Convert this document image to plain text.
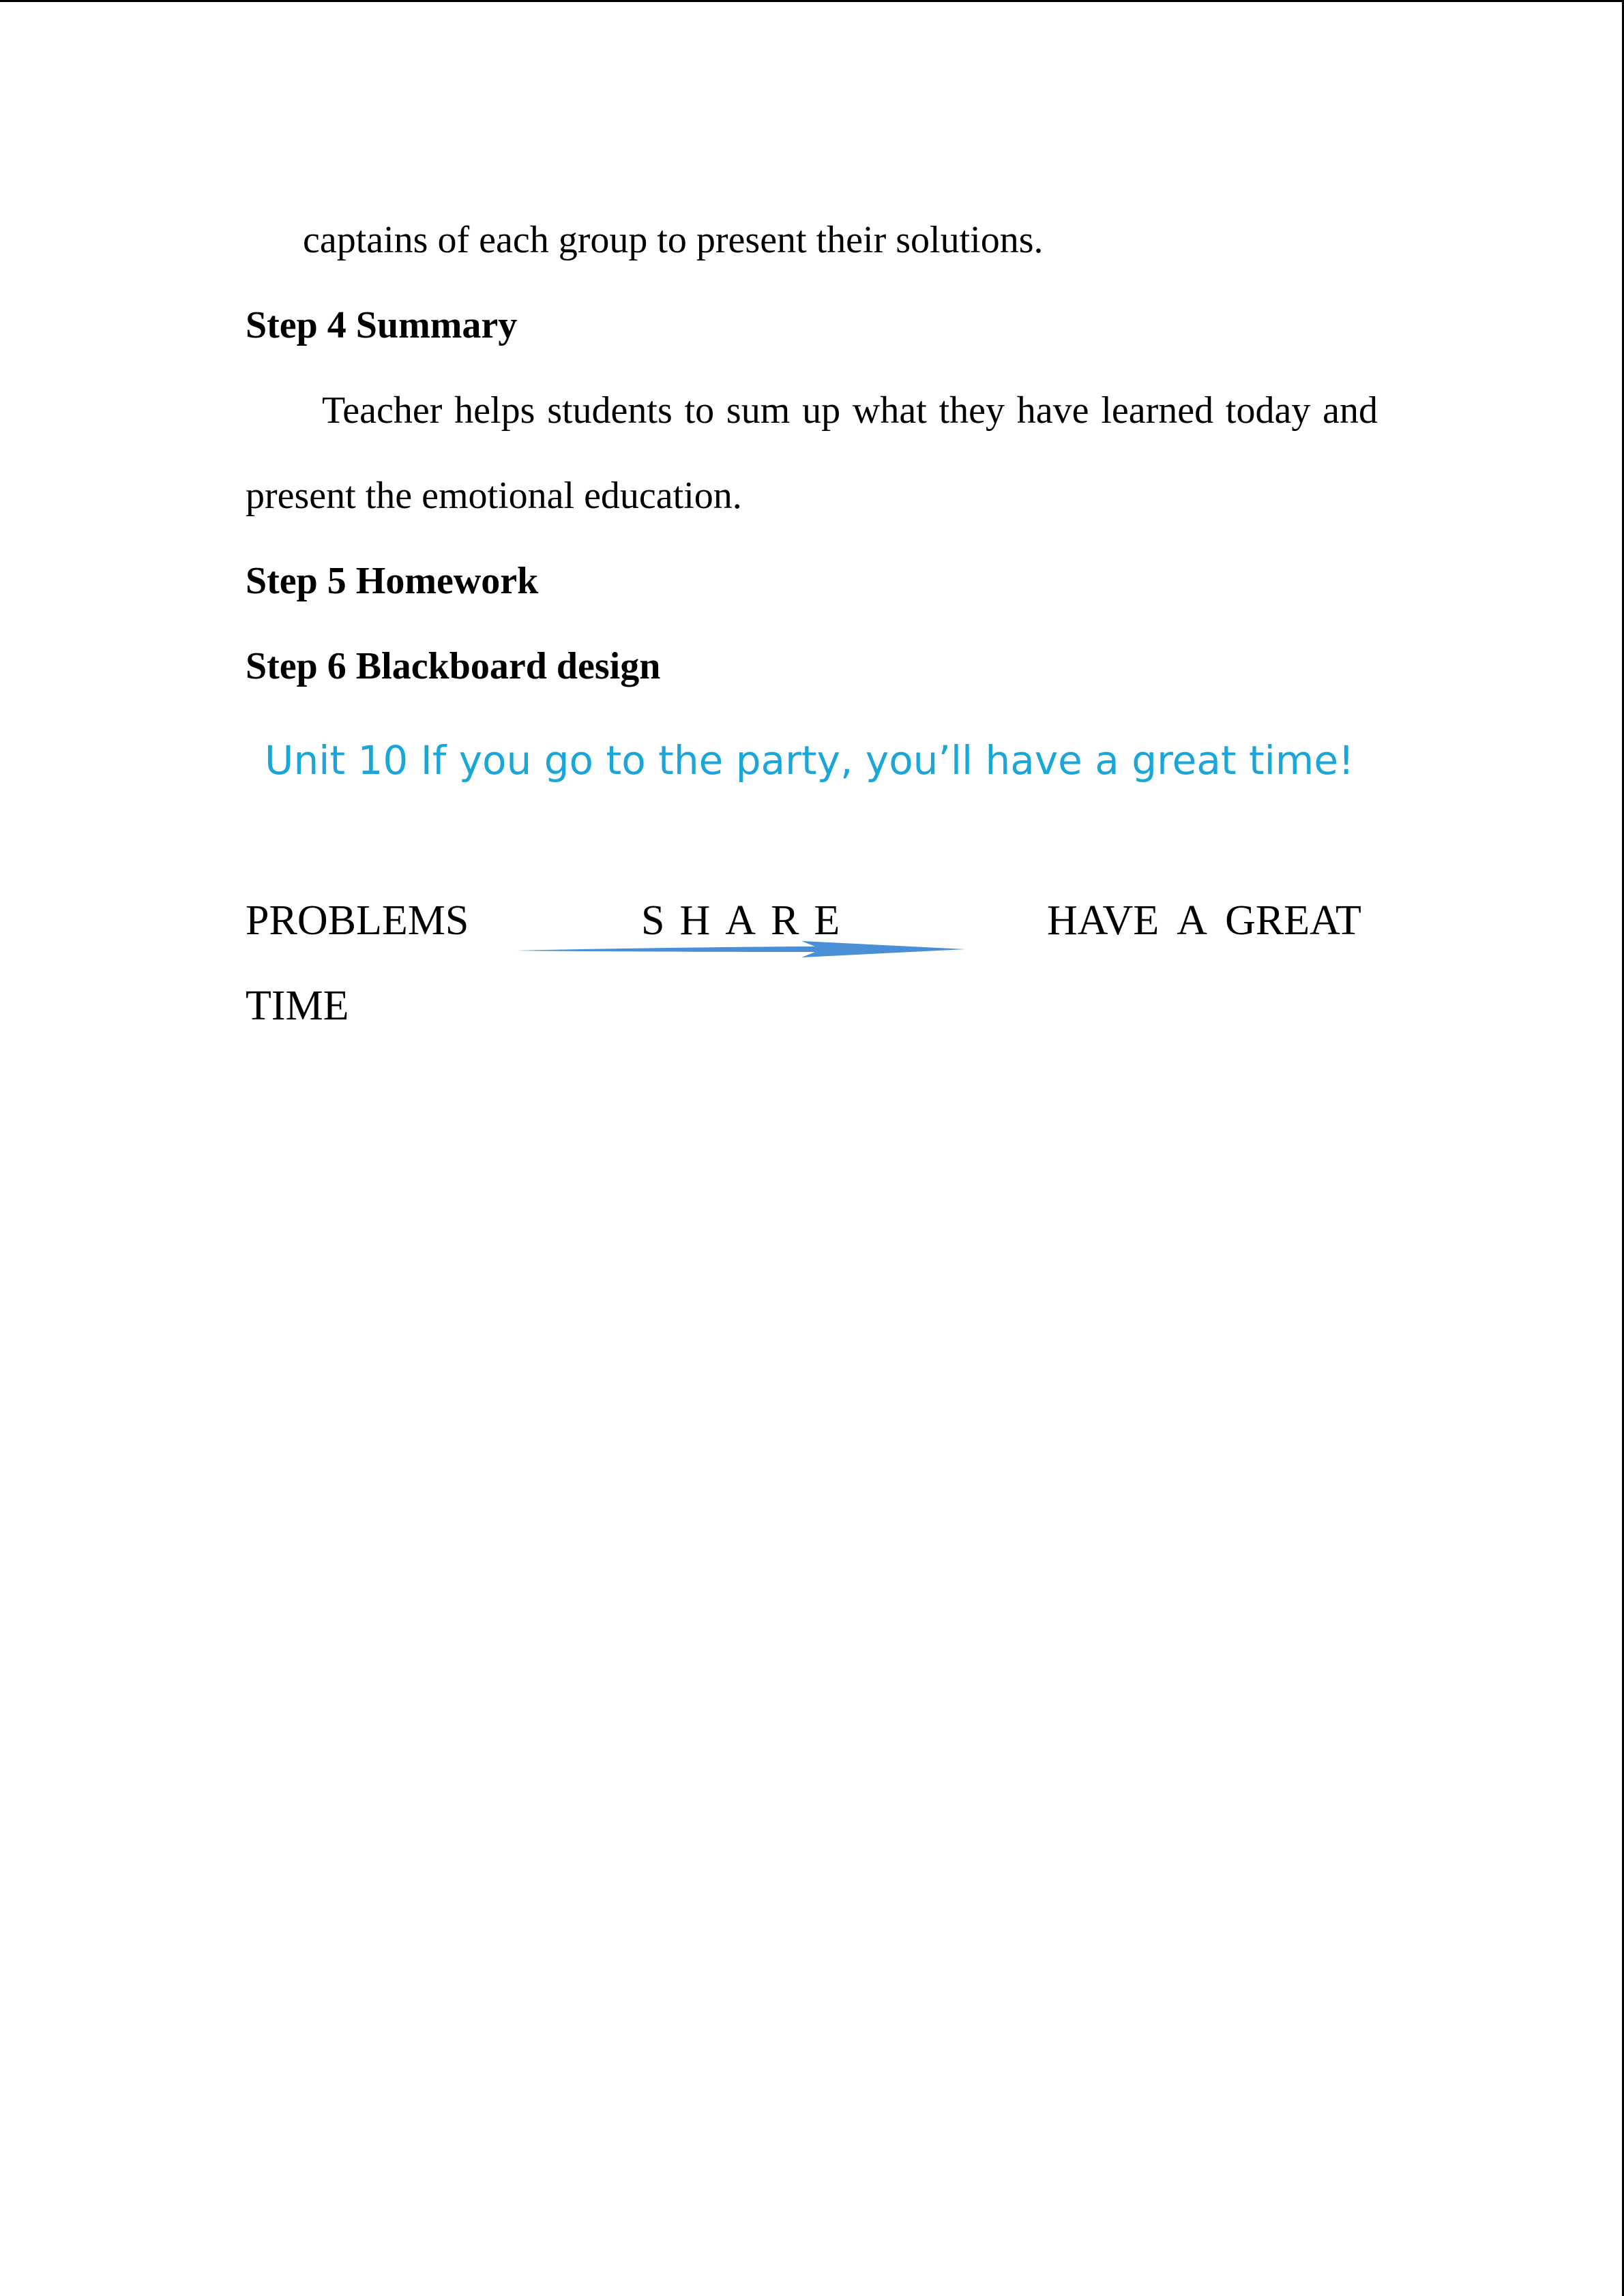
captains of each group to present their solutions.
Step 4 Summary
Teacher helps students to sum up what they have learned today and
present the emotional education.
Step 5 Homework
Step 6 Blackboard design
Unit 10 If you go to the party, you’ll have a great time!
PROBLEMS	SHARE	HAVE A GREAT
TIME
